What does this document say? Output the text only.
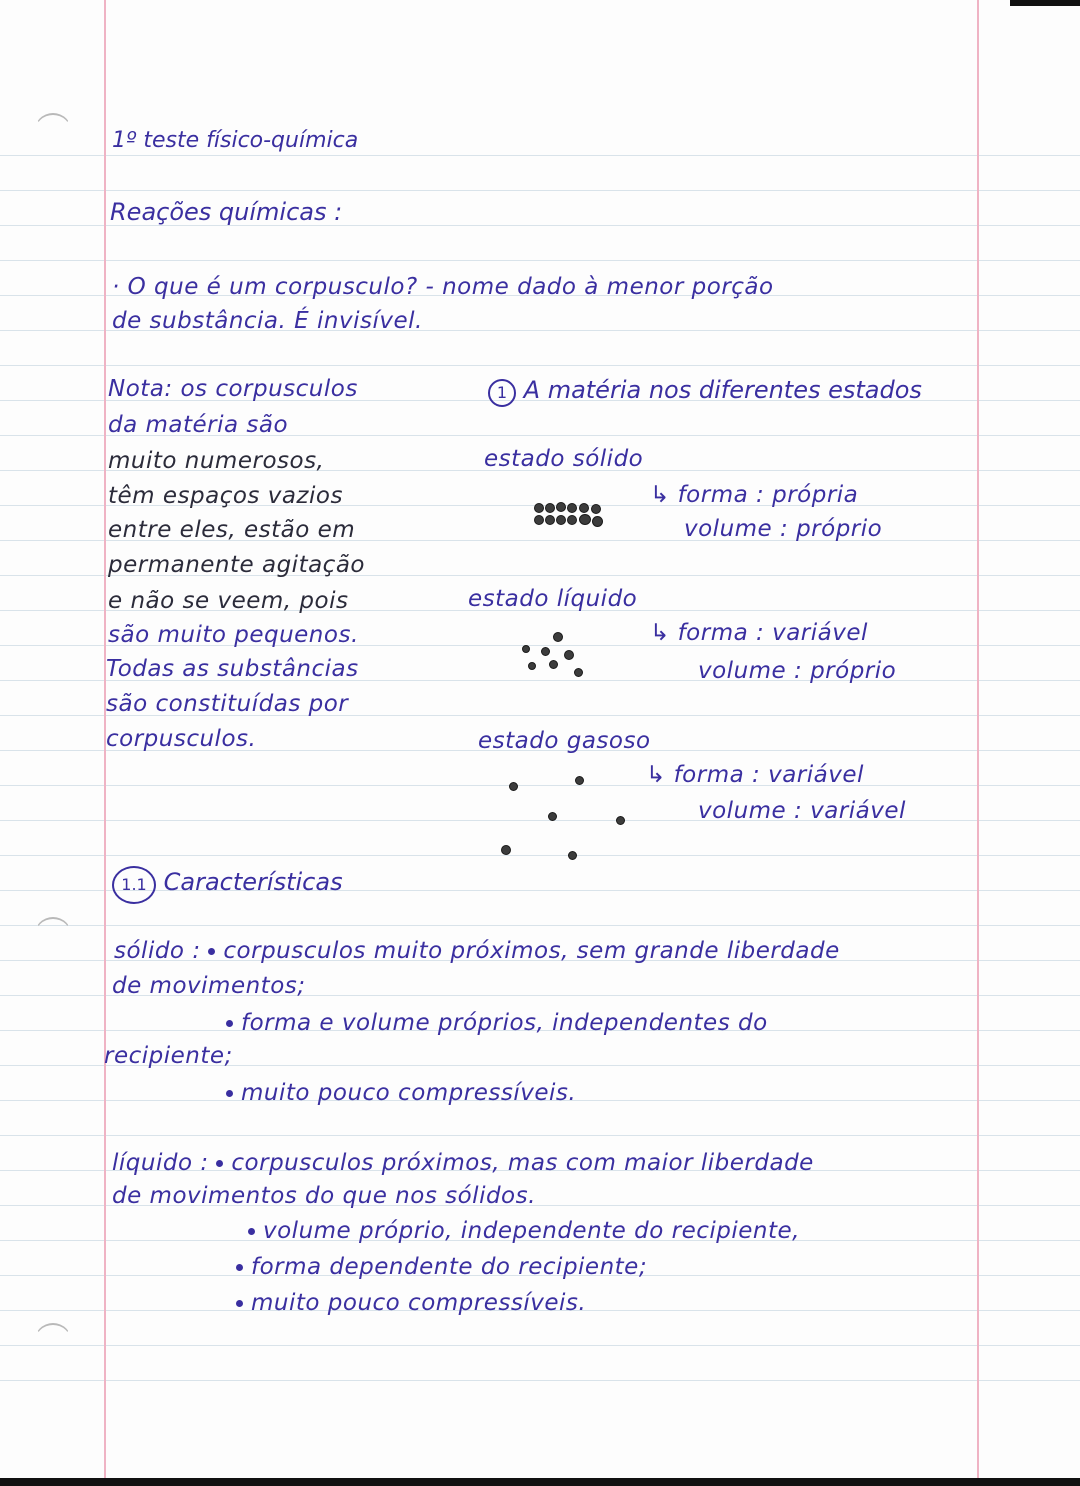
1º teste físico-química
Reações químicas :
· O que é um corpusculo? - nome dado à menor porção
de substância. É invisível.
Nota: os corpusculos
da matéria são
muito numerosos,
têm espaços vazios
entre eles, estão em
permanente agitação
e não se veem, pois
são muito pequenos.
Todas as substâncias
são constituídas por
corpusculos.
1 A matéria nos diferentes estados
estado sólido
↳ forma : própria
volume : próprio
estado líquido
↳ forma : variável
volume : próprio
estado gasoso
↳ forma : variável
volume : variável
1.1 Características
sólido : corpusculos muito próximos, sem grande liberdade
de movimentos;
forma e volume próprios, independentes do
recipiente;
muito pouco compressíveis.
líquido : corpusculos próximos, mas com maior liberdade
de movimentos do que nos sólidos.
volume próprio, independente do recipiente,
forma dependente do recipiente;
muito pouco compressíveis.
